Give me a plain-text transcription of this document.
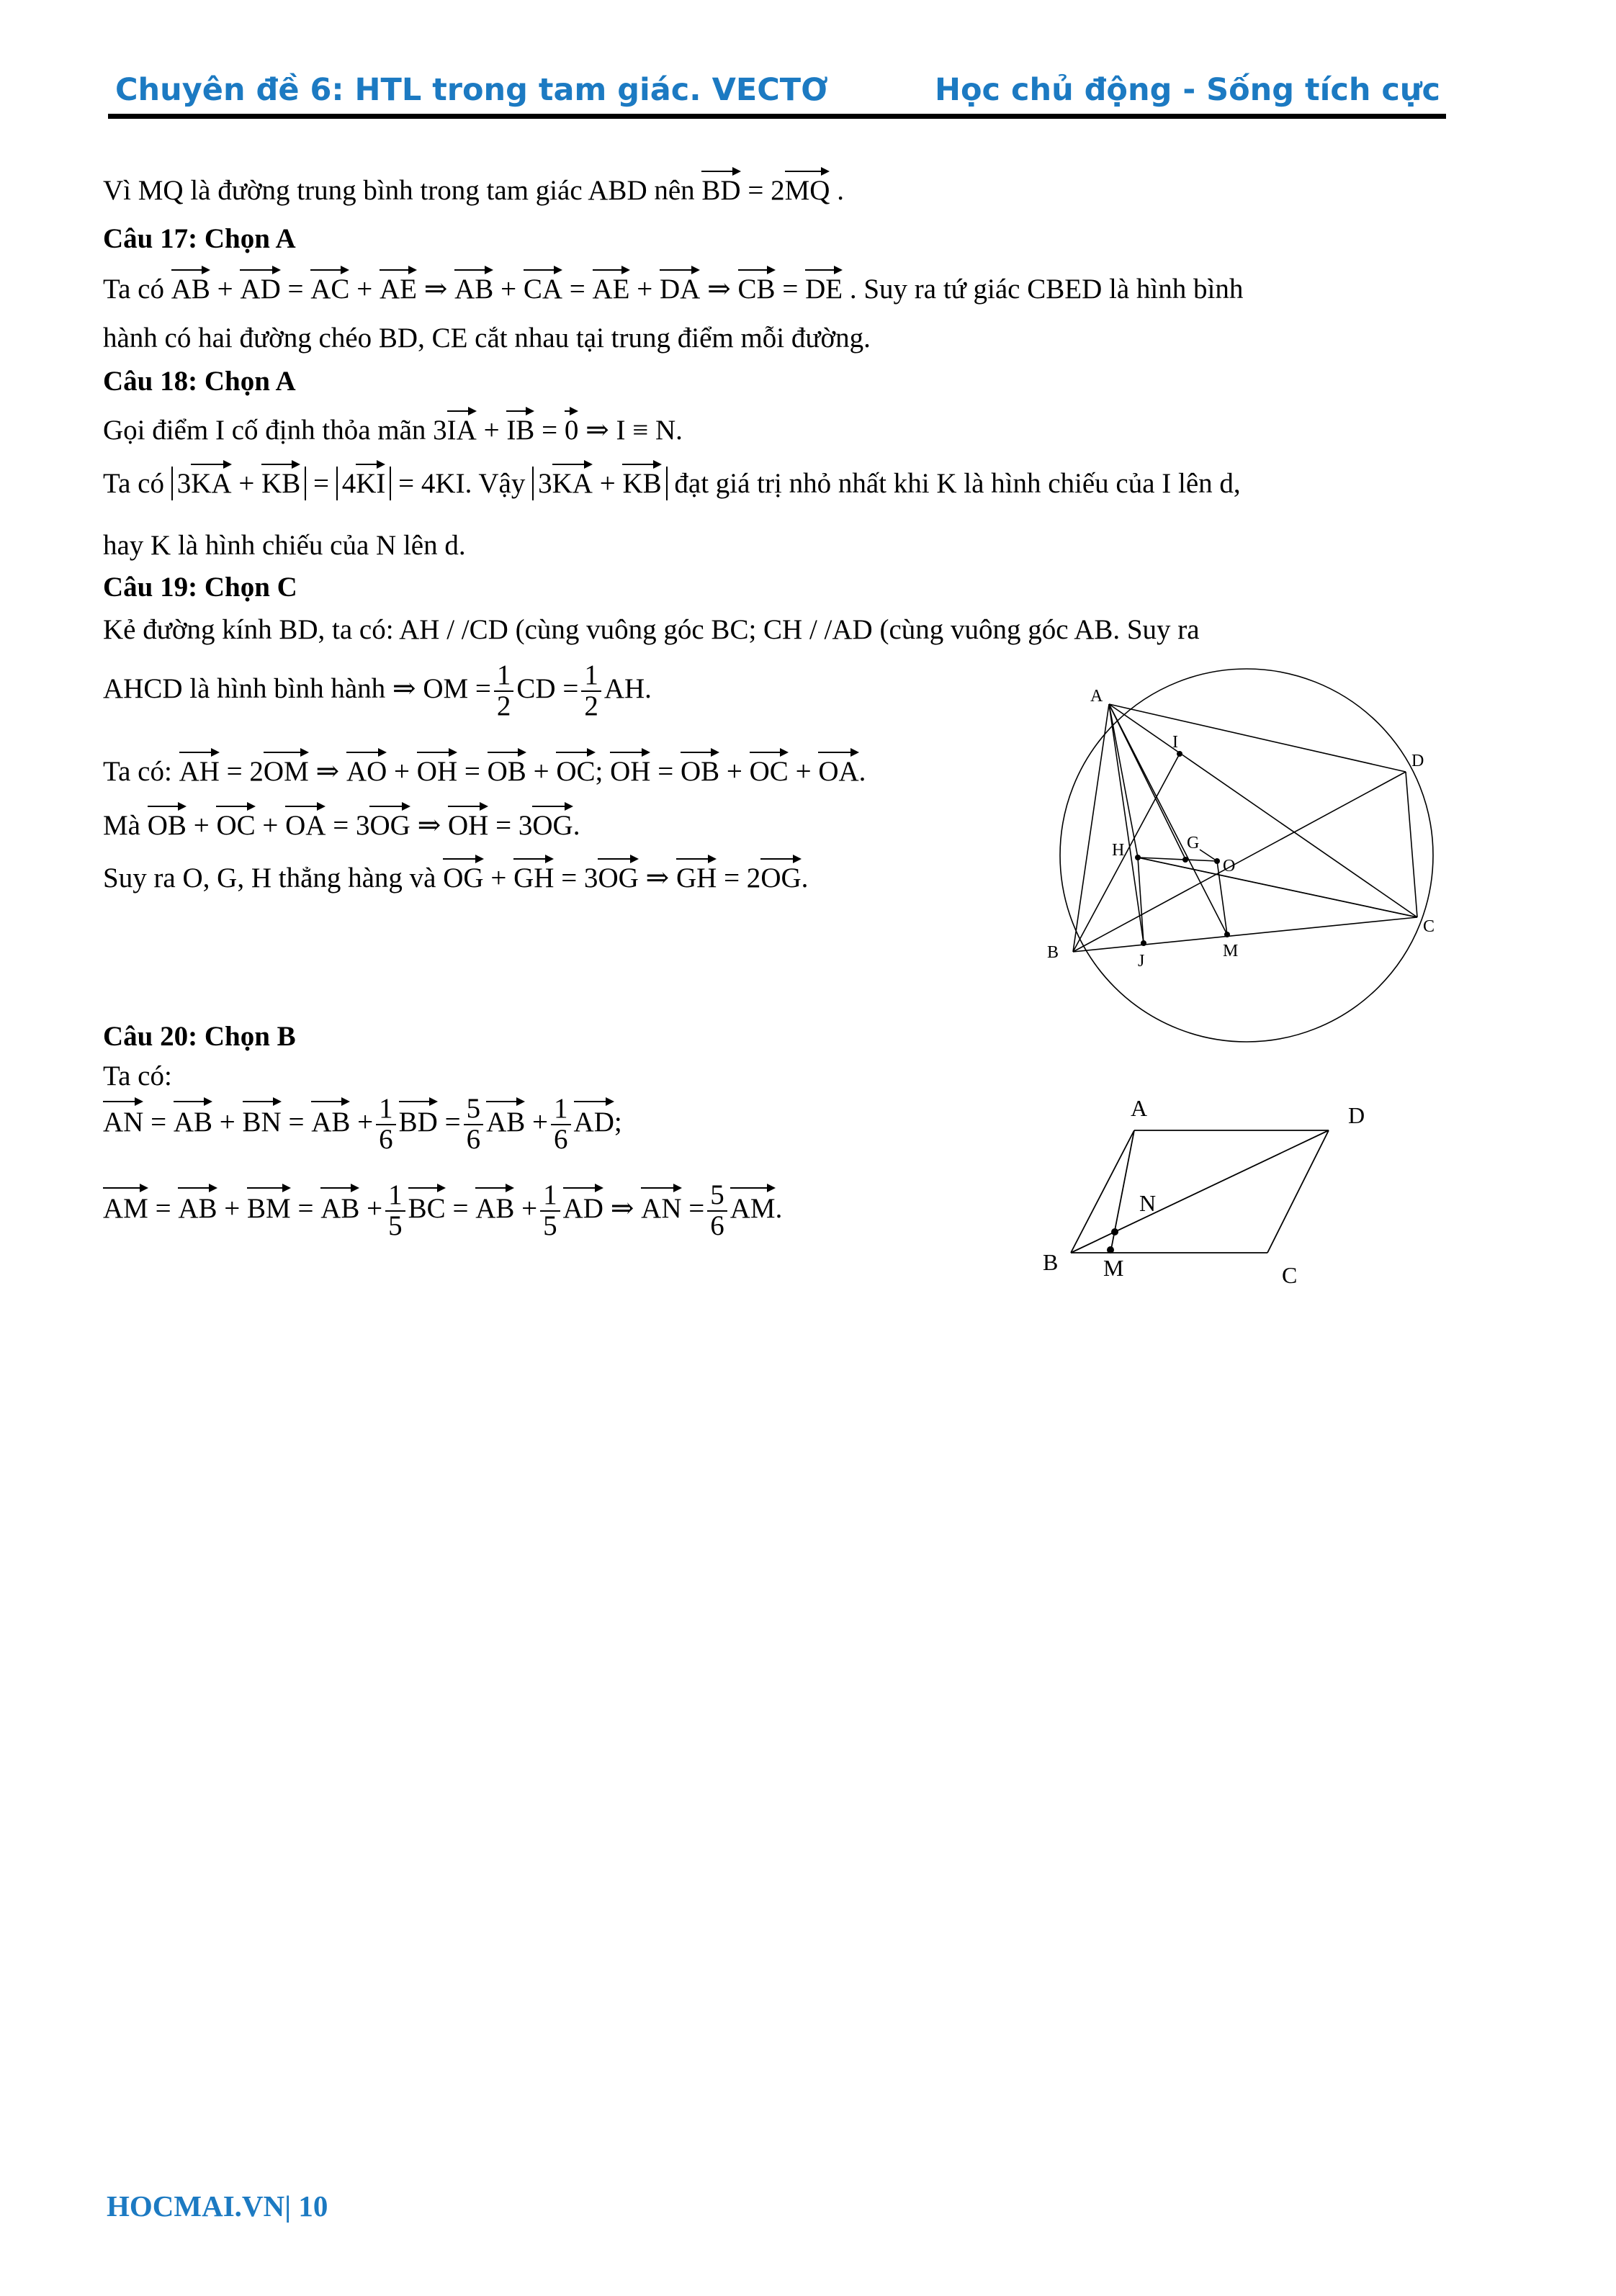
Chuyên đề 6: HTL trong tam giác. VECTƠ	Học chủ động - Sống tích cực
Vì MQ là đường trung bình trong tam giác ABD nên BD = 2MQ .
Câu 17: Chọn A
Ta có AB + AD = AC + AE ⇒ AB + CA = AE + DA ⇒ CB = DE . Suy ra tứ giác CBED là hình bình
hành có hai đường chéo BD, CE cắt nhau tại trung điểm mỗi đường.
Câu 18: Chọn A
Gọi điểm I cố định thỏa mãn 3IA + IB = 0 ⇒ I ≡ N.
Ta có 3KA + KB = 4KI = 4KI. Vậy 3KA + KB đạt giá trị nhỏ nhất khi K là hình chiếu của I lên d,
hay K là hình chiếu của N lên d.
Câu 19: Chọn C
Kẻ đường kính BD, ta có: AH / /CD (cùng vuông góc BC; CH / /AD (cùng vuông góc AB. Suy ra
AHCD là hình bình hành ⇒ OM = $\frac{1}{2}$ CD = $\frac{1}{2}$ AH.
Ta có: AH = 2OM ⇒ AO + OH = OB + OC; OH = OB + OC + OA.
Mà OB + OC + OA = 3OG ⇒ OH = 3OG.
Suy ra O, G, H thẳng hàng và OG + GH = 3OG ⇒ GH = 2OG.
Câu 20: Chọn B
Ta có:
AN = AB + BN = AB + $\frac{1}{6}$ BD = $\frac{5}{6}$ AB + $\frac{1}{6}$ AD;
AM = AB + BM = AB + $\frac{1}{5}$ BC = AB + $\frac{1}{5}$ AD ⇒ AN = $\frac{5}{6}$ AM.
A
I
D
H	G
O
C
B	J
M
A	D
N
B M	C
HOCMAI.VN| 10
